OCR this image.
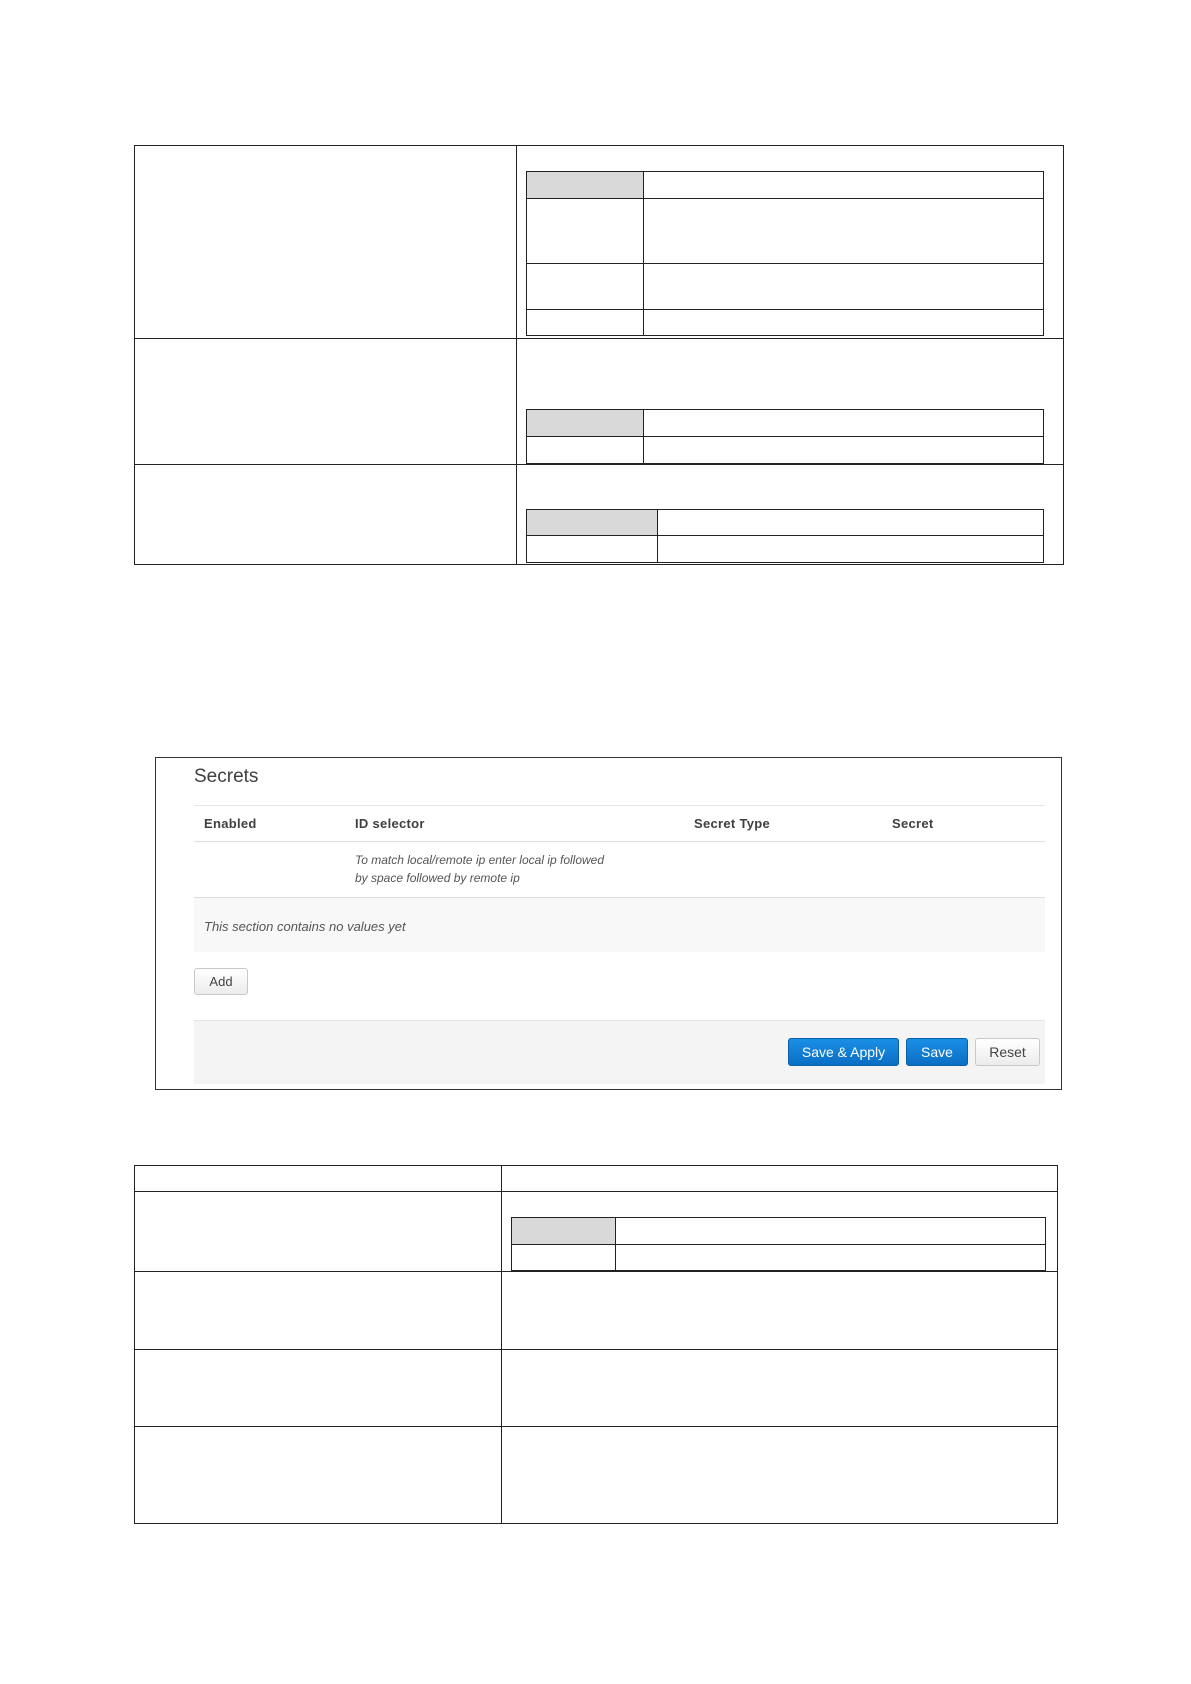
Secrets
Enabled	ID selector	Secret Type	Secret
To match local/remote ip enter local ip followed
by space followed by remote ip
This section contains no values yet
Add
Save & Apply	Save	Reset
